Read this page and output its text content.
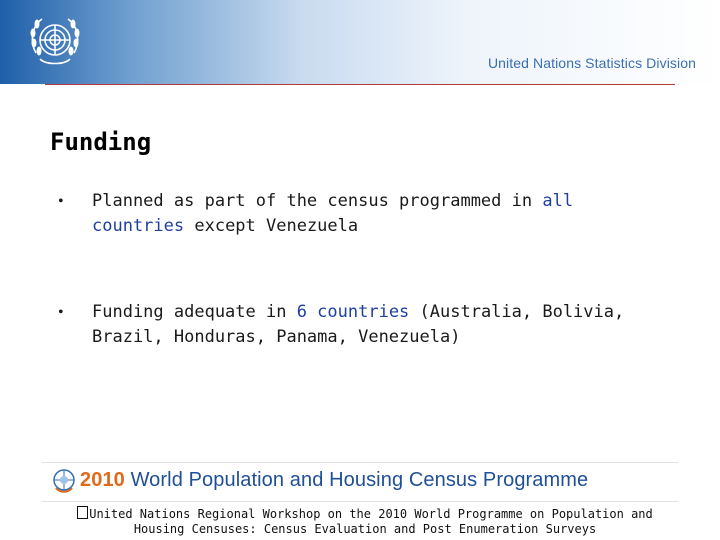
United Nations Statistics Division
Funding
• Planned as part of the census programmed in all countries except Venezuela
• Funding adequate in 6 countries (Australia, Bolivia, Brazil, Honduras, Panama, Venezuela)
2010 World Population and Housing Census Programme
United Nations Regional Workshop on the 2010 World Programme on Population and
Housing Censuses: Census Evaluation and Post Enumeration Surveys
